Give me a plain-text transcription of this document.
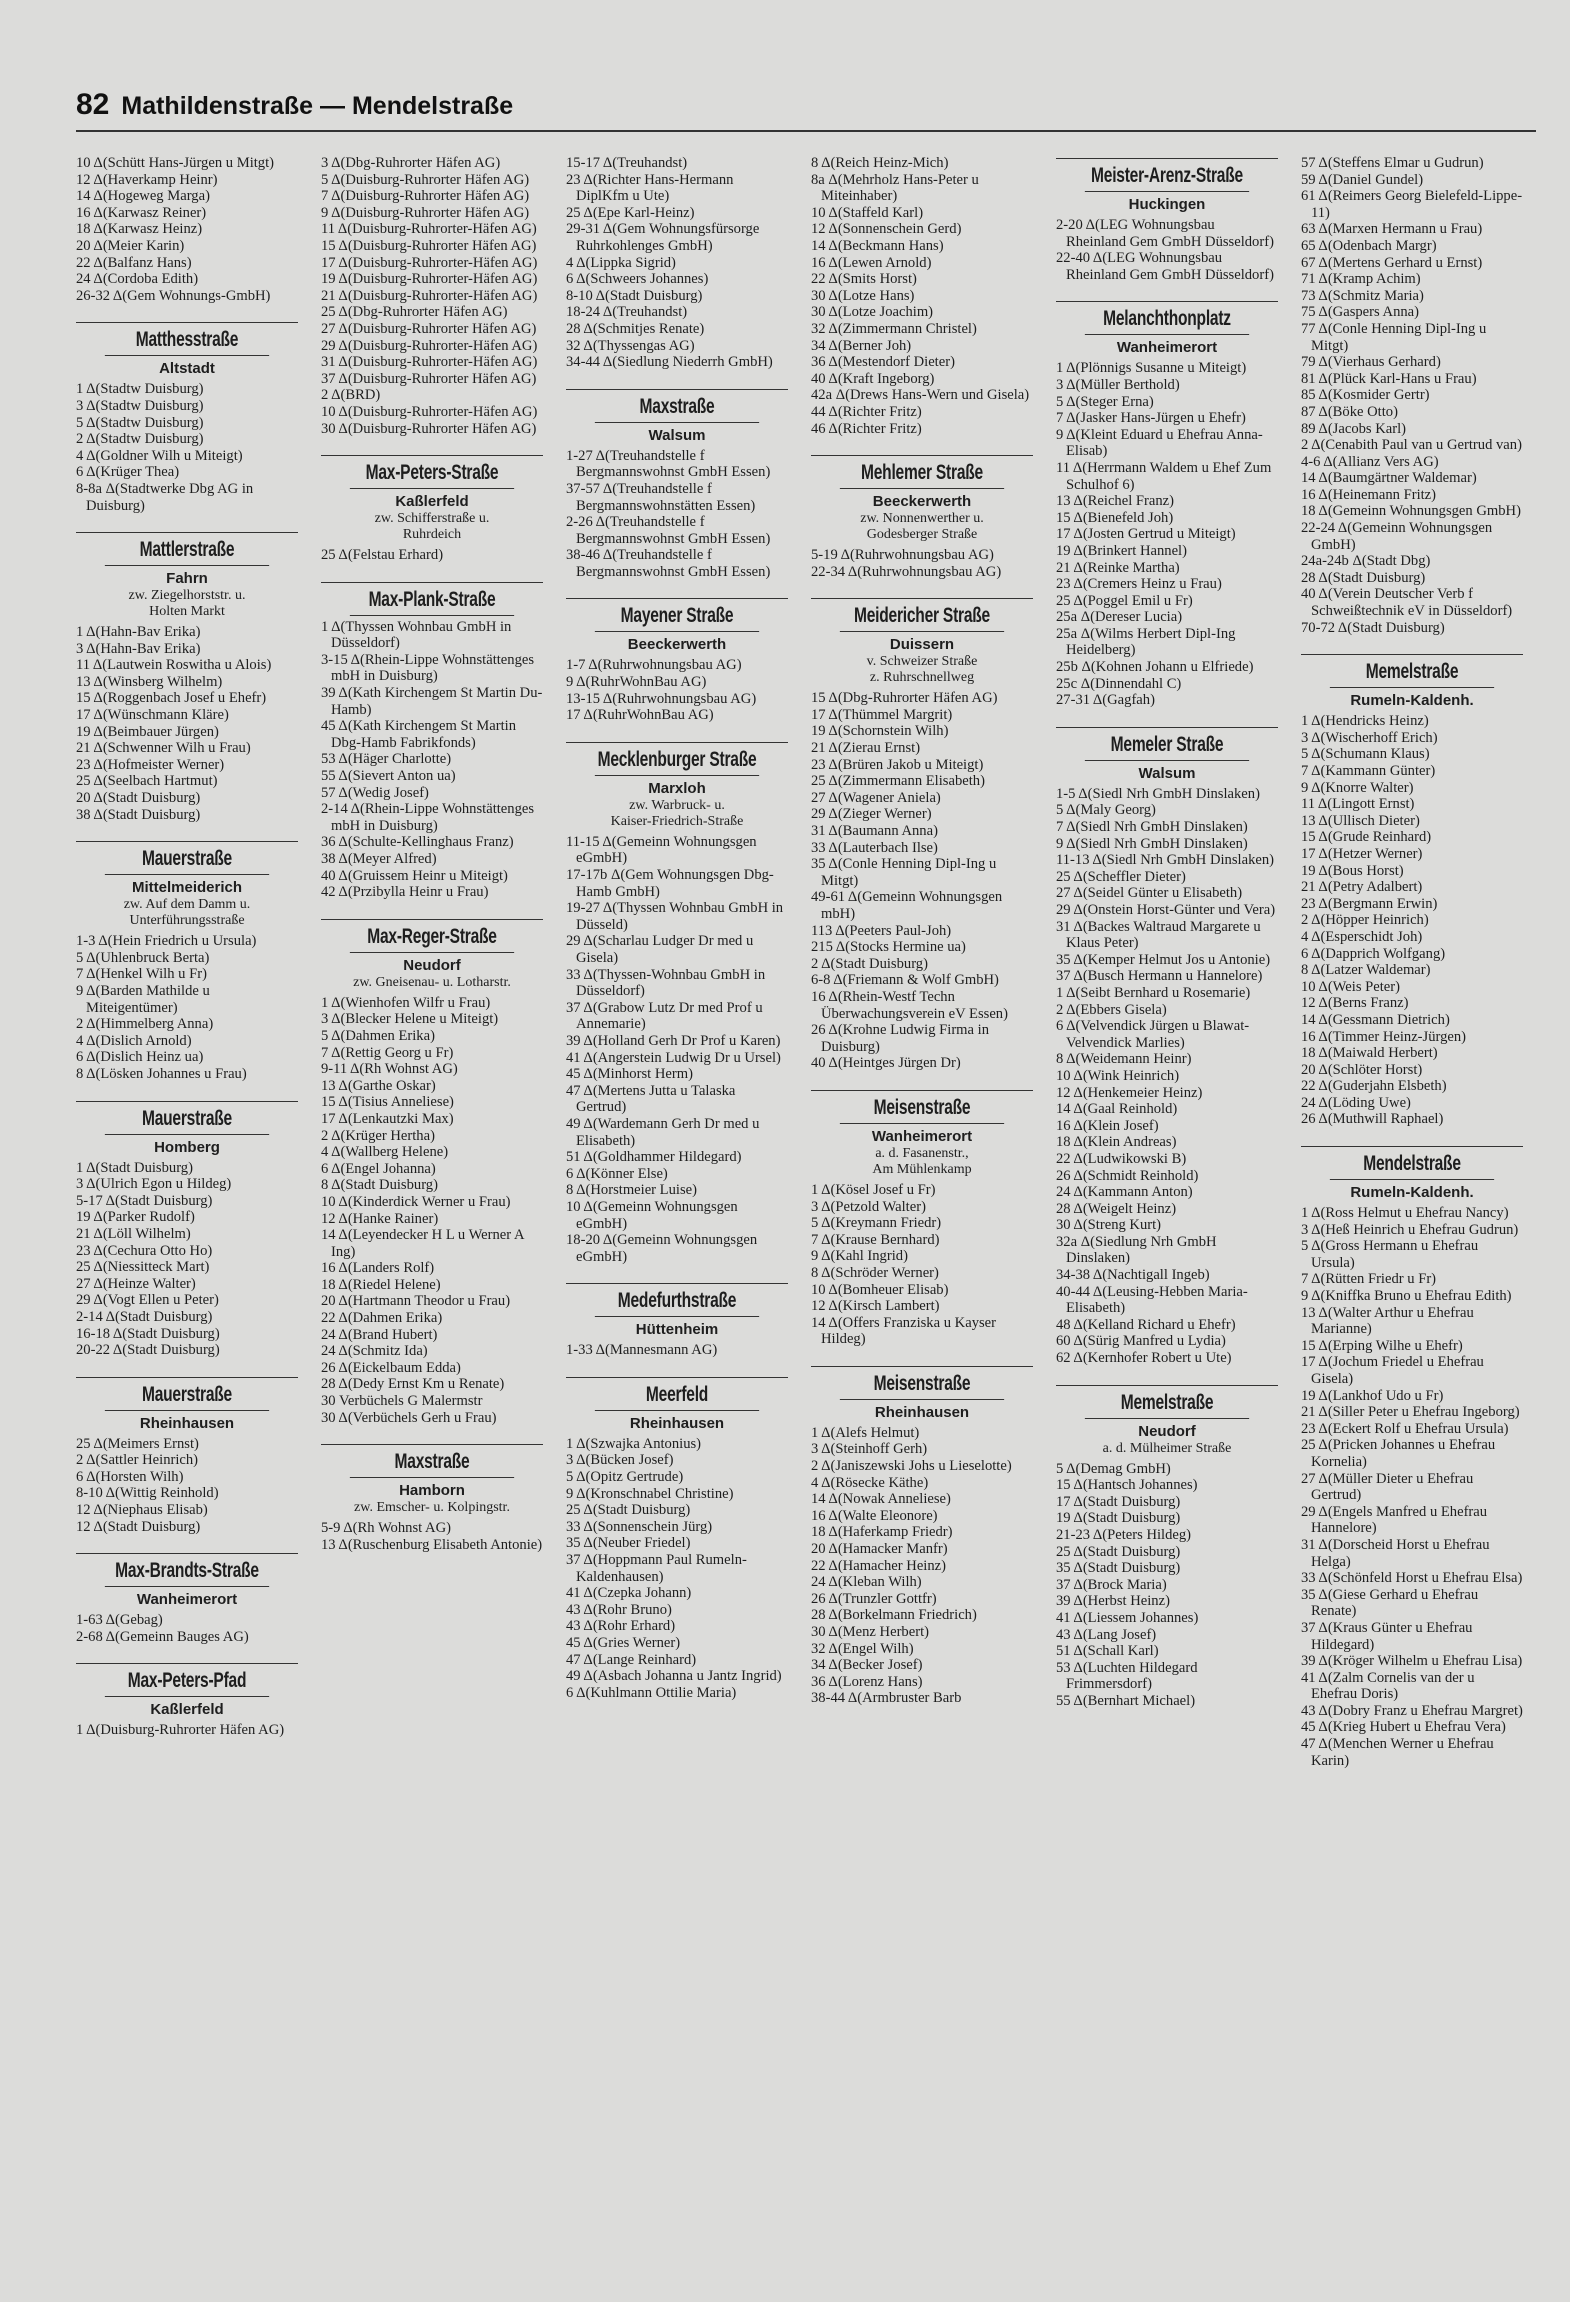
82 Mathildenstraße — Mendelstraße
10 Δ(Schütt Hans-Jürgen u Mitgt)
12 Δ(Haverkamp Heinr)
14 Δ(Hogeweg Marga)
16 Δ(Karwasz Reiner)
18 Δ(Karwasz Heinz)
20 Δ(Meier Karin)
22 Δ(Balfanz Hans)
24 Δ(Cordoba Edith)
26-32 Δ(Gem Wohnungs-GmbH)
Matthesstraße
Altstadt
1 Δ(Stadtw Duisburg)
3 Δ(Stadtw Duisburg)
5 Δ(Stadtw Duisburg)
2 Δ(Stadtw Duisburg)
4 Δ(Goldner Wilh u Miteigt)
6 Δ(Krüger Thea)
8-8a Δ(Stadtwerke Dbg AG in Duisburg)
Mattlerstraße
Fahrn
zw. Ziegelhorststr. u.
Holten Markt
1 Δ(Hahn-Bav Erika)
3 Δ(Hahn-Bav Erika)
11 Δ(Lautwein Roswitha u Alois)
13 Δ(Winsberg Wilhelm)
15 Δ(Roggenbach Josef u Ehefr)
17 Δ(Wünschmann Kläre)
19 Δ(Beimbauer Jürgen)
21 Δ(Schwenner Wilh u Frau)
23 Δ(Hofmeister Werner)
25 Δ(Seelbach Hartmut)
20 Δ(Stadt Duisburg)
38 Δ(Stadt Duisburg)
Mauerstraße
Mittelmeiderich
zw. Auf dem Damm u.
Unterführungsstraße
1-3 Δ(Hein Friedrich u Ursula)
5 Δ(Uhlenbruck Berta)
7 Δ(Henkel Wilh u Fr)
9 Δ(Barden Mathilde u Miteigentümer)
2 Δ(Himmelberg Anna)
4 Δ(Dislich Arnold)
6 Δ(Dislich Heinz ua)
8 Δ(Lösken Johannes u Frau)
Mauerstraße
Homberg
1 Δ(Stadt Duisburg)
3 Δ(Ulrich Egon u Hildeg)
5-17 Δ(Stadt Duisburg)
19 Δ(Parker Rudolf)
21 Δ(Löll Wilhelm)
23 Δ(Cechura Otto Ho)
25 Δ(Niessitteck Mart)
27 Δ(Heinze Walter)
29 Δ(Vogt Ellen u Peter)
2-14 Δ(Stadt Duisburg)
16-18 Δ(Stadt Duisburg)
20-22 Δ(Stadt Duisburg)
Mauerstraße
Rheinhausen
25 Δ(Meimers Ernst)
2 Δ(Sattler Heinrich)
6 Δ(Horsten Wilh)
8-10 Δ(Wittig Reinhold)
12 Δ(Niephaus Elisab)
12 Δ(Stadt Duisburg)
Max-Brandts-Straße
Wanheimerort
1-63 Δ(Gebag)
2-68 Δ(Gemeinn Bauges AG)
Max-Peters-Pfad
Kaßlerfeld
1 Δ(Duisburg-Ruhrorter Häfen AG)
3 Δ(Dbg-Ruhrorter Häfen AG)
5 Δ(Duisburg-Ruhrorter Häfen AG)
7 Δ(Duisburg-Ruhrorter Häfen AG)
9 Δ(Duisburg-Ruhrorter Häfen AG)
11 Δ(Duisburg-Ruhrorter-Häfen AG)
15 Δ(Duisburg-Ruhrorter Häfen AG)
17 Δ(Duisburg-Ruhrorter-Häfen AG)
19 Δ(Duisburg-Ruhrorter-Häfen AG)
21 Δ(Duisburg-Ruhrorter-Häfen AG)
25 Δ(Dbg-Ruhrorter Häfen AG)
27 Δ(Duisburg-Ruhrorter Häfen AG)
29 Δ(Duisburg-Ruhrorter-Häfen AG)
31 Δ(Duisburg-Ruhrorter-Häfen AG)
37 Δ(Duisburg-Ruhrorter Häfen AG)
2 Δ(BRD)
10 Δ(Duisburg-Ruhrorter-Häfen AG)
30 Δ(Duisburg-Ruhrorter Häfen AG)
Max-Peters-Straße
Kaßlerfeld
zw. Schifferstraße u.
Ruhrdeich
25 Δ(Felstau Erhard)
Max-Plank-Straße
1 Δ(Thyssen Wohnbau GmbH in Düsseldorf)
3-15 Δ(Rhein-Lippe Wohnstättenges mbH in Duisburg)
39 Δ(Kath Kirchengem St Martin Du-Hamb)
45 Δ(Kath Kirchengem St Martin Dbg-Hamb Fabrikfonds)
53 Δ(Häger Charlotte)
55 Δ(Sievert Anton ua)
57 Δ(Wedig Josef)
2-14 Δ(Rhein-Lippe Wohnstättenges mbH in Duisburg)
36 Δ(Schulte-Kellinghaus Franz)
38 Δ(Meyer Alfred)
40 Δ(Gruissem Heinr u Miteigt)
42 Δ(Przibylla Heinr u Frau)
Max-Reger-Straße
Neudorf
zw. Gneisenau- u. Lotharstr.
1 Δ(Wienhofen Wilfr u Frau)
3 Δ(Blecker Helene u Miteigt)
5 Δ(Dahmen Erika)
7 Δ(Rettig Georg u Fr)
9-11 Δ(Rh Wohnst AG)
13 Δ(Garthe Oskar)
15 Δ(Tisius Anneliese)
17 Δ(Lenkautzki Max)
2 Δ(Krüger Hertha)
4 Δ(Wallberg Helene)
6 Δ(Engel Johanna)
8 Δ(Stadt Duisburg)
10 Δ(Kinderdick Werner u Frau)
12 Δ(Hanke Rainer)
14 Δ(Leyendecker H L u Werner A Ing)
16 Δ(Landers Rolf)
18 Δ(Riedel Helene)
20 Δ(Hartmann Theodor u Frau)
22 Δ(Dahmen Erika)
24 Δ(Brand Hubert)
24 Δ(Schmitz Ida)
26 Δ(Eickelbaum Edda)
28 Δ(Dedy Ernst Km u Renate)
30 Verbüchels G Malermstr
30 Δ(Verbüchels Gerh u Frau)
Maxstraße
Hamborn
zw. Emscher- u. Kolpingstr.
5-9 Δ(Rh Wohnst AG)
13 Δ(Ruschenburg Elisabeth Antonie)
15-17 Δ(Treuhandst)
23 Δ(Richter Hans-Hermann DiplKfm u Ute)
25 Δ(Epe Karl-Heinz)
29-31 Δ(Gem Wohnungsfürsorge Ruhrkohlenges GmbH)
4 Δ(Lippka Sigrid)
6 Δ(Schweers Johannes)
8-10 Δ(Stadt Duisburg)
18-24 Δ(Treuhandst)
28 Δ(Schmitjes Renate)
32 Δ(Thyssengas AG)
34-44 Δ(Siedlung Niederrh GmbH)
Maxstraße
Walsum
1-27 Δ(Treuhandstelle f Bergmannswohnst GmbH Essen)
37-57 Δ(Treuhandstelle f Bergmannswohnstätten Essen)
2-26 Δ(Treuhandstelle f Bergmannswohnst GmbH Essen)
38-46 Δ(Treuhandstelle f Bergmannswohnst GmbH Essen)
Mayener Straße
Beeckerwerth
1-7 Δ(Ruhrwohnungsbau AG)
9 Δ(RuhrWohnBau AG)
13-15 Δ(Ruhrwohnungsbau AG)
17 Δ(RuhrWohnBau AG)
Mecklenburger Straße
Marxloh
zw. Warbruck- u.
Kaiser-Friedrich-Straße
11-15 Δ(Gemeinn Wohnungsgen eGmbH)
17-17b Δ(Gem Wohnungsgen Dbg-Hamb GmbH)
19-27 Δ(Thyssen Wohnbau GmbH in Düsseld)
29 Δ(Scharlau Ludger Dr med u Gisela)
33 Δ(Thyssen-Wohnbau GmbH in Düsseldorf)
37 Δ(Grabow Lutz Dr med Prof u Annemarie)
39 Δ(Holland Gerh Dr Prof u Karen)
41 Δ(Angerstein Ludwig Dr u Ursel)
45 Δ(Minhorst Herm)
47 Δ(Mertens Jutta u Talaska Gertrud)
49 Δ(Wardemann Gerh Dr med u Elisabeth)
51 Δ(Goldhammer Hildegard)
6 Δ(Könner Else)
8 Δ(Horstmeier Luise)
10 Δ(Gemeinn Wohnungsgen eGmbH)
18-20 Δ(Gemeinn Wohnungsgen eGmbH)
Medefurthstraße
Hüttenheim
1-33 Δ(Mannesmann AG)
Meerfeld
Rheinhausen
1 Δ(Szwajka Antonius)
3 Δ(Bücken Josef)
5 Δ(Opitz Gertrude)
9 Δ(Kronschnabel Christine)
25 Δ(Stadt Duisburg)
33 Δ(Sonnenschein Jürg)
35 Δ(Neuber Friedel)
37 Δ(Hoppmann Paul Rumeln-Kaldenhausen)
41 Δ(Czepka Johann)
43 Δ(Rohr Bruno)
43 Δ(Rohr Erhard)
45 Δ(Gries Werner)
47 Δ(Lange Reinhard)
49 Δ(Asbach Johanna u Jantz Ingrid)
6 Δ(Kuhlmann Ottilie Maria)
8 Δ(Reich Heinz-Mich)
8a Δ(Mehrholz Hans-Peter u Miteinhaber)
10 Δ(Staffeld Karl)
12 Δ(Sonnenschein Gerd)
14 Δ(Beckmann Hans)
16 Δ(Lewen Arnold)
22 Δ(Smits Horst)
30 Δ(Lotze Hans)
30 Δ(Lotze Joachim)
32 Δ(Zimmermann Christel)
34 Δ(Berner Joh)
36 Δ(Mestendorf Dieter)
40 Δ(Kraft Ingeborg)
42a Δ(Drews Hans-Wern und Gisela)
44 Δ(Richter Fritz)
46 Δ(Richter Fritz)
Mehlemer Straße
Beeckerwerth
zw. Nonnenwerther u.
Godesberger Straße
5-19 Δ(Ruhrwohnungsbau AG)
22-34 Δ(Ruhrwohnungsbau AG)
Meidericher Straße
Duissern
v. Schweizer Straße
z. Ruhrschnellweg
15 Δ(Dbg-Ruhrorter Häfen AG)
17 Δ(Thümmel Margrit)
19 Δ(Schornstein Wilh)
21 Δ(Zierau Ernst)
23 Δ(Brüren Jakob u Miteigt)
25 Δ(Zimmermann Elisabeth)
27 Δ(Wagener Aniela)
29 Δ(Zieger Werner)
31 Δ(Baumann Anna)
33 Δ(Lauterbach Ilse)
35 Δ(Conle Henning Dipl-Ing u Mitgt)
49-61 Δ(Gemeinn Wohnungsgen mbH)
113 Δ(Peeters Paul-Joh)
215 Δ(Stocks Hermine ua)
2 Δ(Stadt Duisburg)
6-8 Δ(Friemann & Wolf GmbH)
16 Δ(Rhein-Westf Techn Überwachungsverein eV Essen)
26 Δ(Krohne Ludwig Firma in Duisburg)
40 Δ(Heintges Jürgen Dr)
Meisenstraße
Wanheimerort
a. d. Fasanenstr.,
Am Mühlenkamp
1 Δ(Kösel Josef u Fr)
3 Δ(Petzold Walter)
5 Δ(Kreymann Friedr)
7 Δ(Krause Bernhard)
9 Δ(Kahl Ingrid)
8 Δ(Schröder Werner)
10 Δ(Bomheuer Elisab)
12 Δ(Kirsch Lambert)
14 Δ(Offers Franziska u Kayser Hildeg)
Meisenstraße
Rheinhausen
1 Δ(Alefs Helmut)
3 Δ(Steinhoff Gerh)
2 Δ(Janiszewski Johs u Lieselotte)
4 Δ(Rösecke Käthe)
14 Δ(Nowak Anneliese)
16 Δ(Walte Eleonore)
18 Δ(Haferkamp Friedr)
20 Δ(Hamacker Manfr)
22 Δ(Hamacher Heinz)
24 Δ(Kleban Wilh)
26 Δ(Trunzler Gottfr)
28 Δ(Borkelmann Friedrich)
30 Δ(Menz Herbert)
32 Δ(Engel Wilh)
34 Δ(Becker Josef)
36 Δ(Lorenz Hans)
38-44 Δ(Armbruster Barb
Meister-Arenz-Straße
Huckingen
2-20 Δ(LEG Wohnungsbau Rheinland Gem GmbH Düsseldorf)
22-40 Δ(LEG Wohnungsbau Rheinland Gem GmbH Düsseldorf)
Melanchthonplatz
Wanheimerort
1 Δ(Plönnigs Susanne u Miteigt)
3 Δ(Müller Berthold)
5 Δ(Steger Erna)
7 Δ(Jasker Hans-Jürgen u Ehefr)
9 Δ(Kleint Eduard u Ehefrau Anna-Elisab)
11 Δ(Herrmann Waldem u Ehef Zum Schulhof 6)
13 Δ(Reichel Franz)
15 Δ(Bienefeld Joh)
17 Δ(Josten Gertrud u Miteigt)
19 Δ(Brinkert Hannel)
21 Δ(Reinke Martha)
23 Δ(Cremers Heinz u Frau)
25 Δ(Poggel Emil u Fr)
25a Δ(Dereser Lucia)
25a Δ(Wilms Herbert Dipl-Ing Heidelberg)
25b Δ(Kohnen Johann u Elfriede)
25c Δ(Dinnendahl C)
27-31 Δ(Gagfah)
Memeler Straße
Walsum
1-5 Δ(Siedl Nrh GmbH Dinslaken)
5 Δ(Maly Georg)
7 Δ(Siedl Nrh GmbH Dinslaken)
9 Δ(Siedl Nrh GmbH Dinslaken)
11-13 Δ(Siedl Nrh GmbH Dinslaken)
25 Δ(Scheffler Dieter)
27 Δ(Seidel Günter u Elisabeth)
29 Δ(Onstein Horst-Günter und Vera)
31 Δ(Backes Waltraud Margarete u Klaus Peter)
35 Δ(Kemper Helmut Jos u Antonie)
37 Δ(Busch Hermann u Hannelore)
1 Δ(Seibt Bernhard u Rosemarie)
2 Δ(Ebbers Gisela)
6 Δ(Velvendick Jürgen u Blawat-Velvendick Marlies)
8 Δ(Weidemann Heinr)
10 Δ(Wink Heinrich)
12 Δ(Henkemeier Heinz)
14 Δ(Gaal Reinhold)
16 Δ(Klein Josef)
18 Δ(Klein Andreas)
22 Δ(Ludwikowski B)
26 Δ(Schmidt Reinhold)
24 Δ(Kammann Anton)
28 Δ(Weigelt Heinz)
30 Δ(Streng Kurt)
32a Δ(Siedlung Nrh GmbH Dinslaken)
34-38 Δ(Nachtigall Ingeb)
40-44 Δ(Leusing-Hebben Maria-Elisabeth)
48 Δ(Kelland Richard u Ehefr)
60 Δ(Sürig Manfred u Lydia)
62 Δ(Kernhofer Robert u Ute)
Memelstraße
Neudorf
a. d. Mülheimer Straße
5 Δ(Demag GmbH)
15 Δ(Hantsch Johannes)
17 Δ(Stadt Duisburg)
19 Δ(Stadt Duisburg)
21-23 Δ(Peters Hildeg)
25 Δ(Stadt Duisburg)
35 Δ(Stadt Duisburg)
37 Δ(Brock Maria)
39 Δ(Herbst Heinz)
41 Δ(Liessem Johannes)
43 Δ(Lang Josef)
51 Δ(Schall Karl)
53 Δ(Luchten Hildegard Frimmersdorf)
55 Δ(Bernhart Michael)
57 Δ(Steffens Elmar u Gudrun)
59 Δ(Daniel Gundel)
61 Δ(Reimers Georg Bielefeld-Lippe-11)
63 Δ(Marxen Hermann u Frau)
65 Δ(Odenbach Margr)
67 Δ(Mertens Gerhard u Ernst)
71 Δ(Kramp Achim)
73 Δ(Schmitz Maria)
75 Δ(Gaspers Anna)
77 Δ(Conle Henning Dipl-Ing u Mitgt)
79 Δ(Vierhaus Gerhard)
81 Δ(Plück Karl-Hans u Frau)
85 Δ(Kosmider Gertr)
87 Δ(Böke Otto)
89 Δ(Jacobs Karl)
2 Δ(Cenabith Paul van u Gertrud van)
4-6 Δ(Allianz Vers AG)
14 Δ(Baumgärtner Waldemar)
16 Δ(Heinemann Fritz)
18 Δ(Gemeinn Wohnungsgen GmbH)
22-24 Δ(Gemeinn Wohnungsgen GmbH)
24a-24b Δ(Stadt Dbg)
28 Δ(Stadt Duisburg)
40 Δ(Verein Deutscher Verb f Schweißtechnik eV in Düsseldorf)
70-72 Δ(Stadt Duisburg)
Memelstraße
Rumeln-Kaldenh.
1 Δ(Hendricks Heinz)
3 Δ(Wischerhoff Erich)
5 Δ(Schumann Klaus)
7 Δ(Kammann Günter)
9 Δ(Knorre Walter)
11 Δ(Lingott Ernst)
13 Δ(Ullisch Dieter)
15 Δ(Grude Reinhard)
17 Δ(Hetzer Werner)
19 Δ(Bous Horst)
21 Δ(Petry Adalbert)
23 Δ(Bergmann Erwin)
2 Δ(Höpper Heinrich)
4 Δ(Esperschidt Joh)
6 Δ(Dapprich Wolfgang)
8 Δ(Latzer Waldemar)
10 Δ(Weis Peter)
12 Δ(Berns Franz)
14 Δ(Gessmann Dietrich)
16 Δ(Timmer Heinz-Jürgen)
18 Δ(Maiwald Herbert)
20 Δ(Schlöter Horst)
22 Δ(Guderjahn Elsbeth)
24 Δ(Löding Uwe)
26 Δ(Muthwill Raphael)
Mendelstraße
Rumeln-Kaldenh.
1 Δ(Ross Helmut u Ehefrau Nancy)
3 Δ(Heß Heinrich u Ehefrau Gudrun)
5 Δ(Gross Hermann u Ehefrau Ursula)
7 Δ(Rütten Friedr u Fr)
9 Δ(Kniffka Bruno u Ehefrau Edith)
13 Δ(Walter Arthur u Ehefrau Marianne)
15 Δ(Erping Wilhe u Ehefr)
17 Δ(Jochum Friedel u Ehefrau Gisela)
19 Δ(Lankhof Udo u Fr)
21 Δ(Siller Peter u Ehefrau Ingeborg)
23 Δ(Eckert Rolf u Ehefrau Ursula)
25 Δ(Pricken Johannes u Ehefrau Kornelia)
27 Δ(Müller Dieter u Ehefrau Gertrud)
29 Δ(Engels Manfred u Ehefrau Hannelore)
31 Δ(Dorscheid Horst u Ehefrau Helga)
33 Δ(Schönfeld Horst u Ehefrau Elsa)
35 Δ(Giese Gerhard u Ehefrau Renate)
37 Δ(Kraus Günter u Ehefrau Hildegard)
39 Δ(Kröger Wilhelm u Ehefrau Lisa)
41 Δ(Zalm Cornelis van der u Ehefrau Doris)
43 Δ(Dobry Franz u Ehefrau Margret)
45 Δ(Krieg Hubert u Ehefrau Vera)
47 Δ(Menchen Werner u Ehefrau Karin)
